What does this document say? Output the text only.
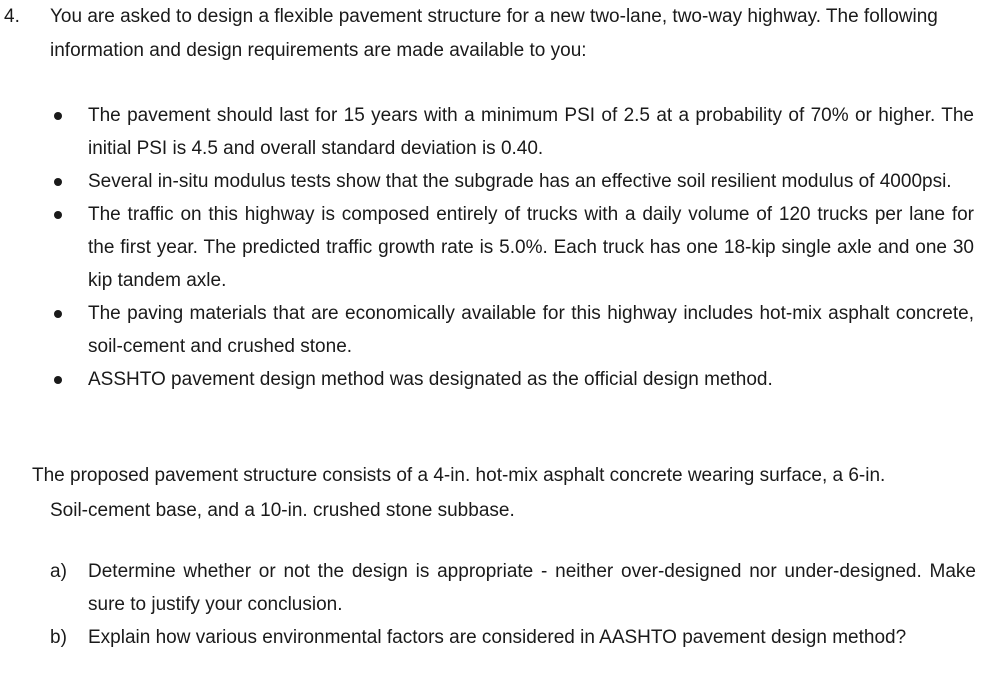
4. You are asked to design a flexible pavement structure for a new two-lane, two-way highway. The following information and design requirements are made available to you:

The pavement should last for 15 years with a minimum PSI of 2.5 at a probability of 70% or higher. The initial PSI is 4.5 and overall standard deviation is 0.40.
Several in-situ modulus tests show that the subgrade has an effective soil resilient modulus of 4000psi.
The traffic on this highway is composed entirely of trucks with a daily volume of 120 trucks per lane for the first year. The predicted traffic growth rate is 5.0%. Each truck has one 18-kip single axle and one 30 kip tandem axle.
The paving materials that are economically available for this highway includes hot-mix asphalt concrete, soil-cement and crushed stone.
ASSHTO pavement design method was designated as the official design method.

The proposed pavement structure consists of a 4-in. hot-mix asphalt concrete wearing surface, a 6-in.
Soil-cement base, and a 10-in. crushed stone subbase.

a) Determine whether or not the design is appropriate - neither over-designed nor under-designed. Make sure to justify your conclusion.
b) Explain how various environmental factors are considered in AASHTO pavement design method?
